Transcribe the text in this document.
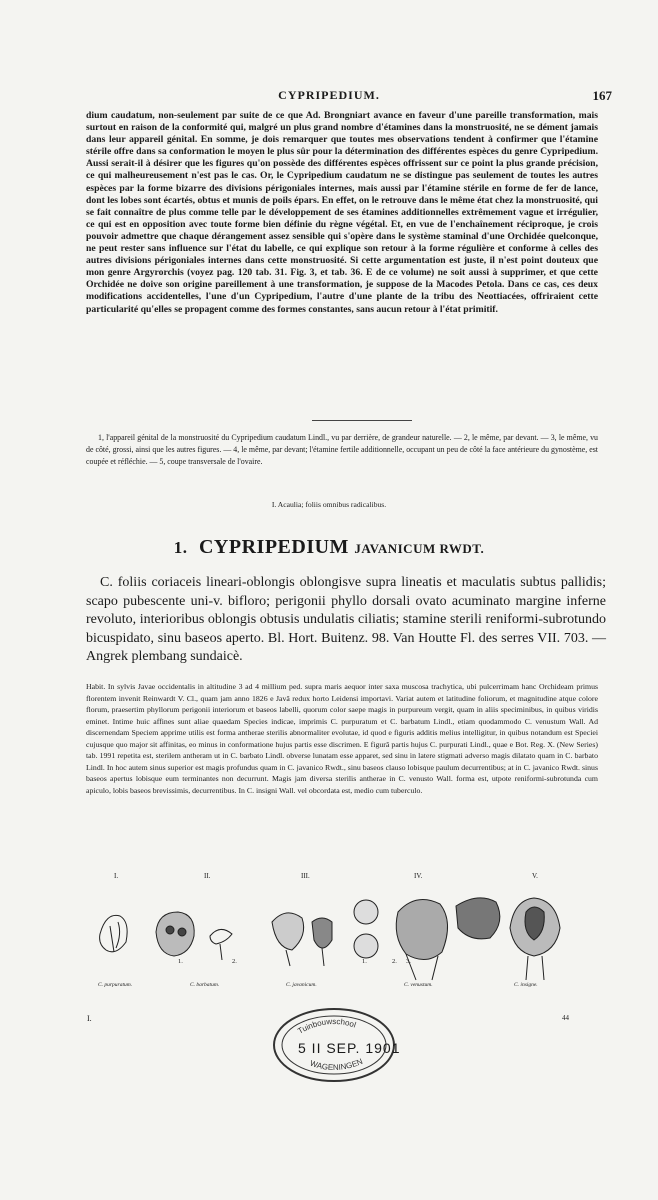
CYPRIPEDIUM.	167
dium caudatum, non-seulement par suite de ce que Ad. Brongniart avance en faveur d'une pareille transformation, mais surtout en raison de la conformité qui, malgré un plus grand nombre d'étamines dans la monstruosité, ne se dément jamais dans leur appareil génital. En somme, je dois remarquer que toutes mes observations tendent à confirmer que l'étamine stérile offre dans sa conformation le moyen le plus sûr pour la détermination des différentes espèces du genre Cypripedium. Aussi serait-il à désirer que les figures qu'on possède des différentes espèces offrissent sur ce point la plus grande précision, ce qui malheureusement n'est pas le cas. Or, le Cypripedium caudatum ne se distingue pas seulement de toutes les autres espèces par la forme bizarre des divisions périgoniales internes, mais aussi par l'étamine stérile en forme de fer de lance, dont les lobes sont écartés, obtus et munis de poils épars. En effet, on le retrouve dans le même état chez la monstruosité, qui se fait connaître de plus comme telle par le développement de ses étamines additionnelles extrêmement vague et irrégulier, ce qui est en opposition avec toute forme bien définie du règne végétal. Et, en vue de l'enchaînement réciproque, je crois pouvoir admettre que chaque dérangement assez sensible qui s'opère dans le système staminal d'une Orchidée quelconque, ne peut rester sans influence sur l'état du labelle, ce qui explique son retour à la forme régulière et conforme à celles des autres divisions périgoniales internes dans cette monstruosité. Si cette argumentation est juste, il n'est point douteux que mon genre Argyrorchis (voyez pag. 120 tab. 31. Fig. 3, et tab. 36. E de ce volume) ne soit aussi à supprimer, et que cette Orchidée ne doive son origine pareillement à une transformation, je suppose de la Macodes Petola. Dans ce cas, ces deux modifications accidentelles, l'une d'un Cypripedium, l'autre d'une plante de la tribu des Neottiacées, offriraient cette particularité qu'elles se propagent comme des formes constantes, sans aucun retour à l'état primitif.

1, l'appareil génital de la monstruosité du Cypripedium caudatum Lindl., vu par derrière, de grandeur naturelle. — 2, le même, par devant. — 3, le même, vu de côté, grossi, ainsi que les autres figures. — 4, le même, par devant; l'étamine fertile additionnelle, occupant un peu de côté la face antérieure du gynostème, est coupée et réfléchie. — 5, coupe transversale de l'ovaire.

I. Acaulia; foliis omnibus radicalibus.
1. CYPRIPEDIUM JAVANICUM RWDT.
C. foliis coriaceis lineari-oblongis oblongisve supra lineatis et maculatis subtus pallidis; scapo pubescente uni-v. bifloro; perigonii phyllo dorsali ovato acuminato margine inferne revoluto, interioribus oblongis obtusis undulatis ciliatis; stamine sterili reniformi-subrotundo bicuspidato, sinu baseos aperto. Bl. Hort. Buitenz. 98. Van Houtte Fl. des serres VII. 703. — Angrek plembang sundaicè.
Habit. In sylvis Javae occidentalis in altitudine 3 ad 4 millium ped. supra maris aequor inter saxa muscosa trachytica, ubi pulcerrimam hanc Orchideam primus florentem invenit Reinwardt V. Cl., quam jam anno 1826 e Javâ redux horto Leidensi importavi. Variat autem et latitudine foliorum, et magnitudine atque colore florum, praesertim phyllorum perigonii interiorum et baseos labelli, quorum color saepe magis in purpureum vergit, quam in aliis speciminibus, in quibus viridis eminet. Intime huic affines sunt aliae quaedam Species indicae, imprimis C. purpuratum et C. barbatum Lindl., etiam quodammodo C. venustum Wall. Ad discernendam Speciem apprime utilis est forma antherae sterilis abnormaliter evolutae, id quod e figuris additis melius intelligitur, in quibus notandum est Speciei cujusque quo major sit affinitas, eo minus in conformatione hujus partis esse discrimen. E figurâ partis hujus C. purpurati Lindl., quae e Bot. Reg. X. (New Series) tab. 1991 repetita est, sterilem antheram ut in C. barbato Lindl. obverse lunatam esse apparet, sed sinu in latere stigmati adverso magis dilatato quam in C. barbato Lindl. In hoc autem sinus superior est magis profundus quam in C. javanico Rwdt., sinu baseos clauso lobisque paulum decurrentibus; at in C. javanico Rwdt. sinus baseos apertus lobisque eum terminantes non decurrunt. Magis jam diversa sterilis antherae in C. venusto Wall. forma est, utpote reniformi-subrotunda cum apiculo, lobis baseos brevissimis, decurrentibus. In C. insigni Wall. vel obcordata est, medio cum tuberculo.
I.	II.	III.	IV.	V.
1.	2.	1.	2. 3.
C. purpuratum.	C. barbatum.	C. javanicum.	C. venustum.	C. insigne.
I.	44
Tuinbouwschool
WAGENINGEN
5 II SEP. 1901
